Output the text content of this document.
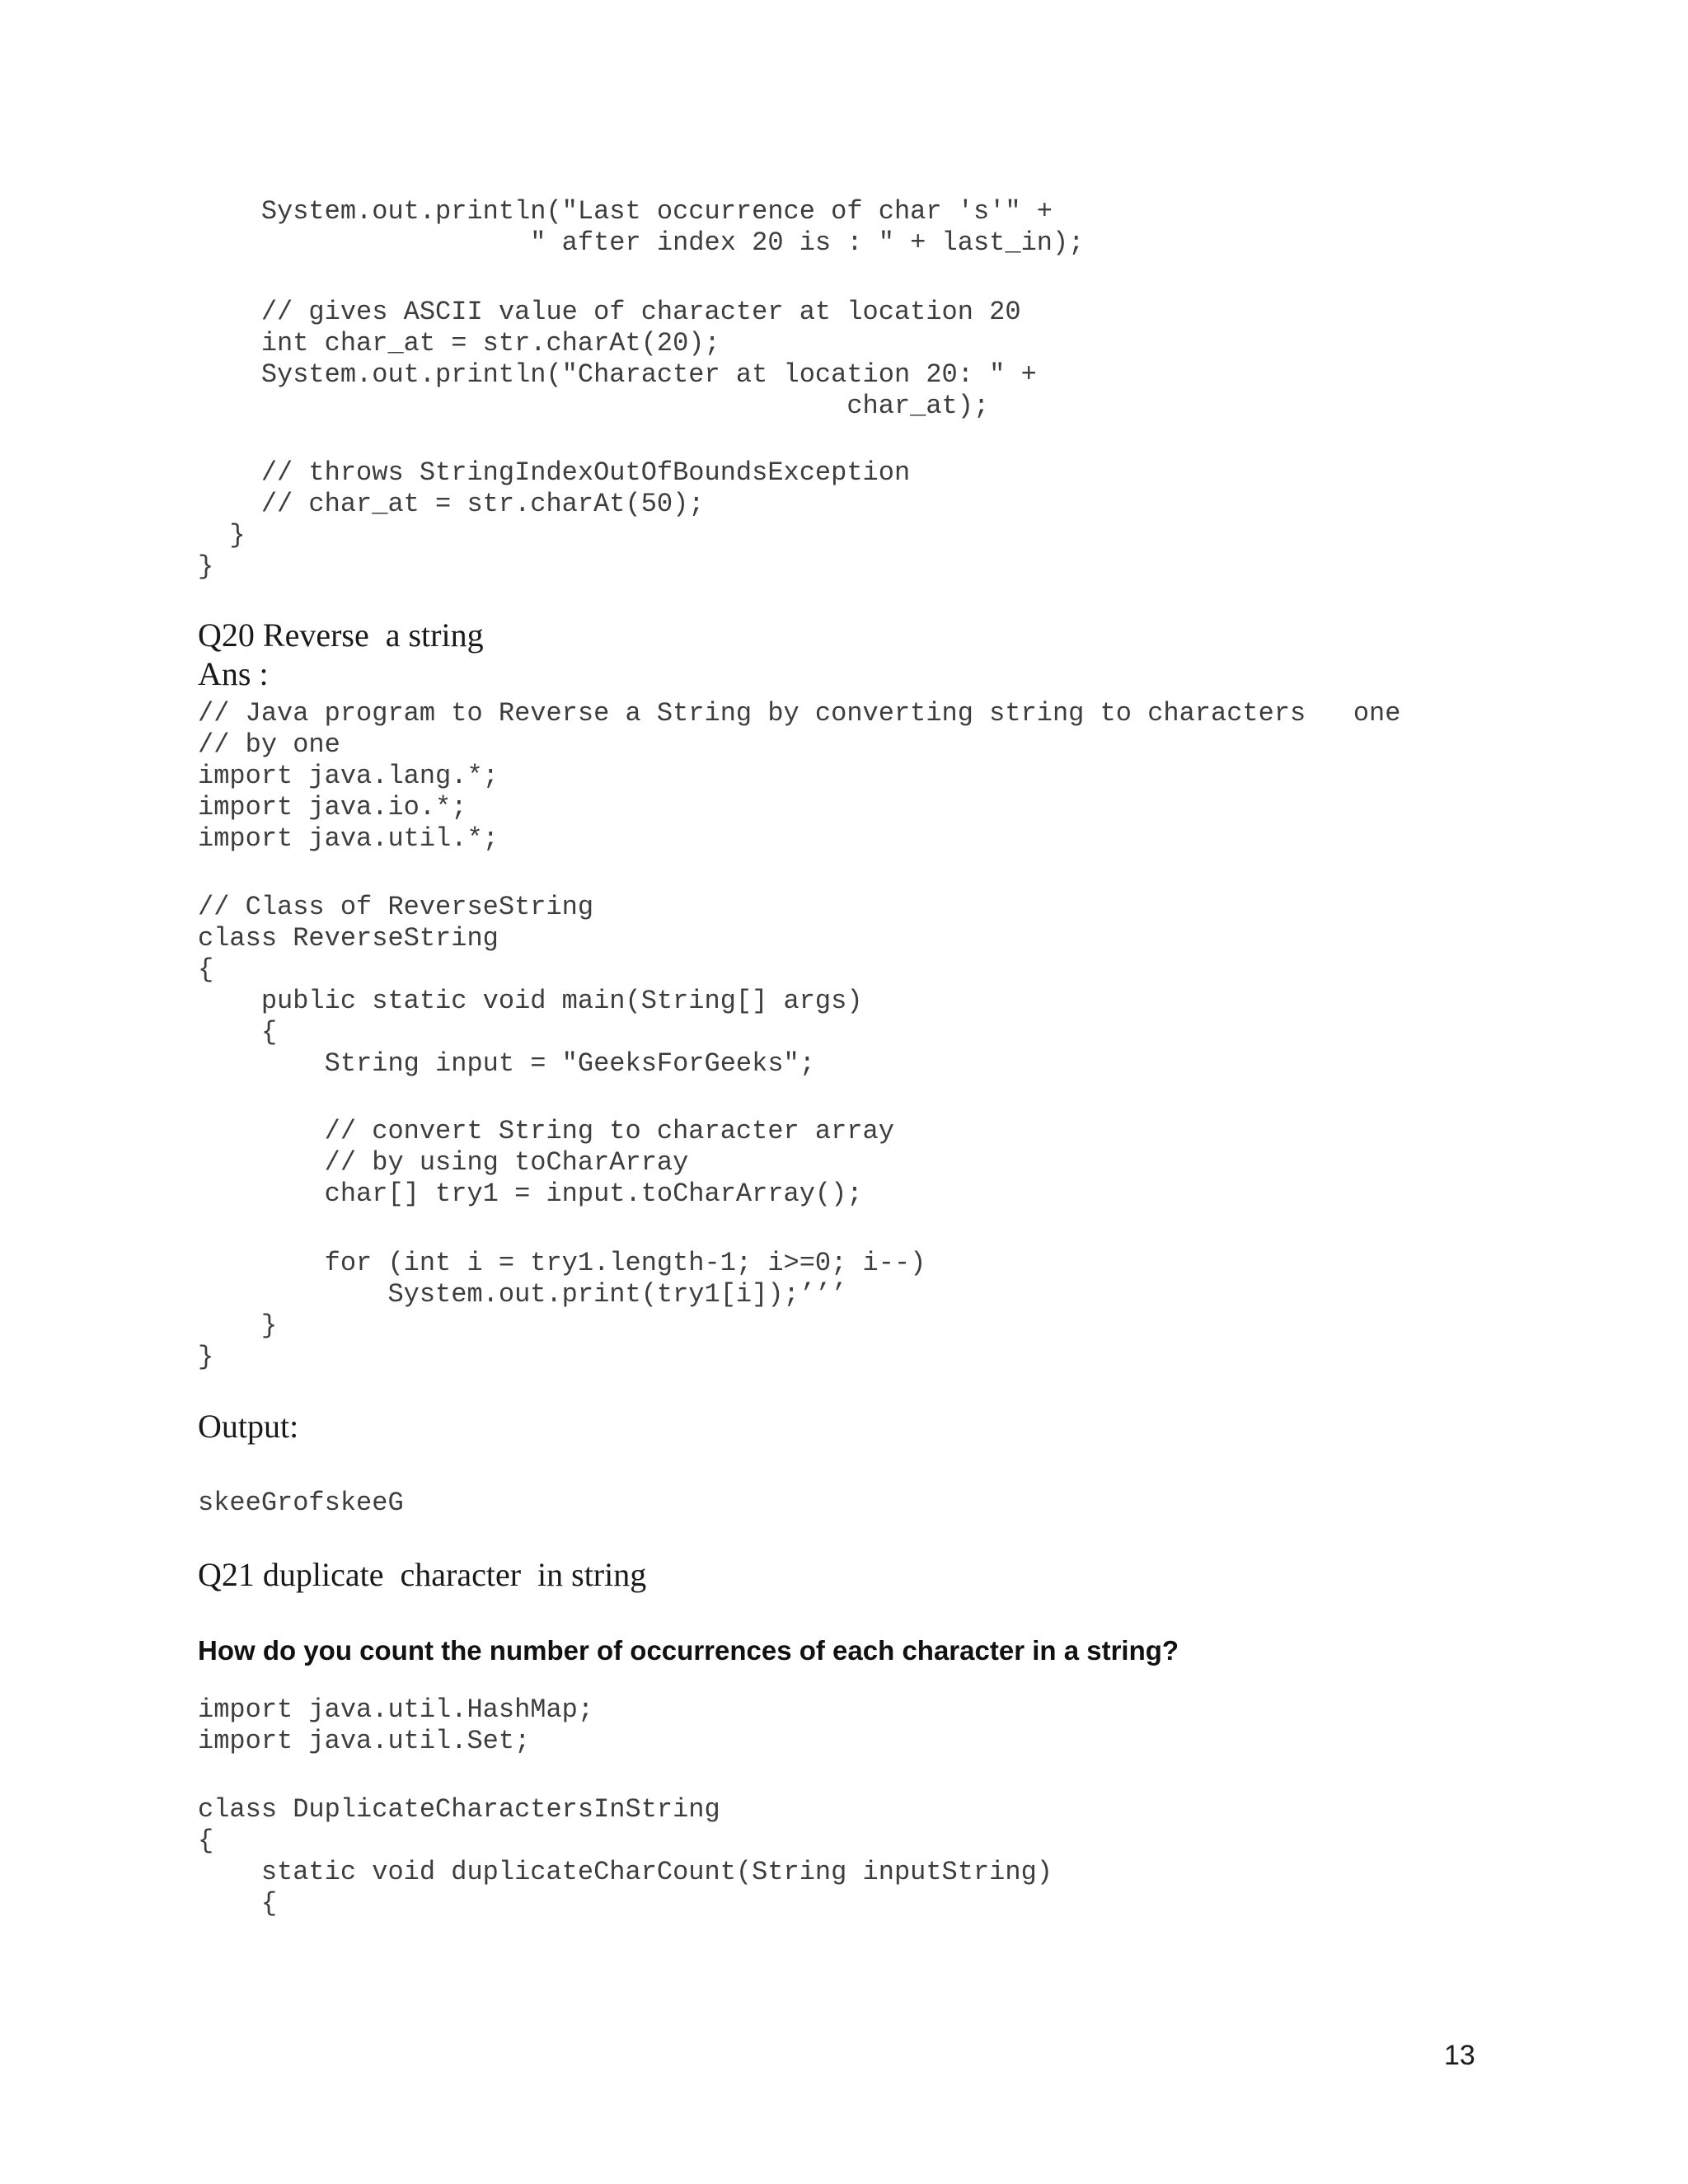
System.out.println("Last occurrence of char 's'" +
" after index 20 is : " + last_in);
// gives ASCII value of character at location 20
int char_at = str.charAt(20);
System.out.println("Character at location 20: " +
char_at);
// throws StringIndexOutOfBoundsException
// char_at = str.charAt(50);
}
}
Q20 Reverse  a string
Ans :
// Java program to Reverse a String by converting string to characters   one
// by one
import java.lang.*;
import java.io.*;
import java.util.*;
// Class of ReverseString
class ReverseString
{
public static void main(String[] args)
{
String input = "GeeksForGeeks";
// convert String to character array
// by using toCharArray
char[] try1 = input.toCharArray();
for (int i = try1.length-1; i>=0; i--)
System.out.print(try1[i]);’’’
}
}
Output:
skeeGrofskeeG
Q21 duplicate  character  in string
How do you count the number of occurrences of each character in a string?
import java.util.HashMap;
import java.util.Set;
class DuplicateCharactersInString
{
static void duplicateCharCount(String inputString)
{
13
